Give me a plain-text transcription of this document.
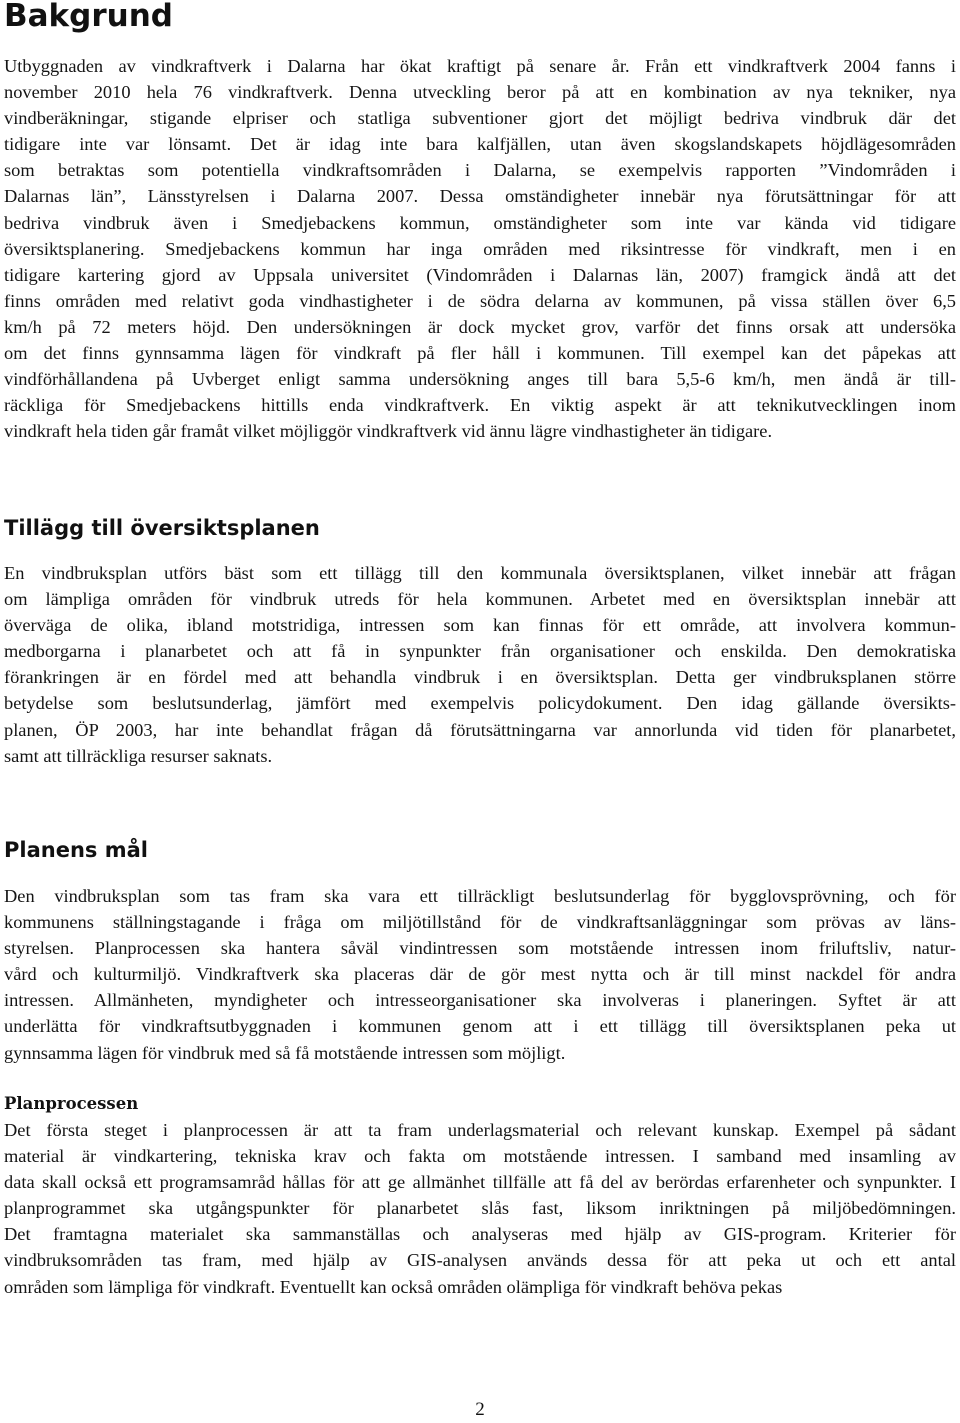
Bakgrund
Utbyggnaden av vindkraftverk i Dalarna har ökat kraftigt på senare år. Från ett vindkraftverk 2004 fanns i
november 2010 hela 76 vindkraftverk. Denna utveckling beror på att en kombination av nya tekniker, nya
vindberäkningar, stigande elpriser och statliga subventioner gjort det möjligt bedriva vindbruk där det
tidigare inte var lönsamt. Det är idag inte bara kalfjällen, utan även skogslandskapets höjdlägesområden
som betraktas som potentiella vindkraftsområden i Dalarna, se exempelvis rapporten ”Vindområden i
Dalarnas län”, Länsstyrelsen i Dalarna 2007. Dessa omständigheter innebär nya förutsättningar för att
bedriva vindbruk även i Smedjebackens kommun, omständigheter som inte var kända vid tidigare
översiktsplanering. Smedjebackens kommun har inga områden med riksintresse för vindkraft, men i en
tidigare kartering gjord av Uppsala universitet (Vindområden i Dalarnas län, 2007) framgick ändå att det
finns områden med relativt goda vindhastigheter i de södra delarna av kommunen, på vissa ställen över 6,5
km/h på 72 meters höjd. Den undersökningen är dock mycket grov, varför det finns orsak att undersöka
om det finns gynnsamma lägen för vindkraft på fler håll i kommunen. Till exempel kan det påpekas att
vindförhållandena på Uvberget enligt samma undersökning anges till bara 5,5-6 km/h, men ändå är till-
räckliga för Smedjebackens hittills enda vindkraftverk. En viktig aspekt är att teknikutvecklingen inom
vindkraft hela tiden går framåt vilket möjliggör vindkraftverk vid ännu lägre vindhastigheter än tidigare.
Tillägg till översiktsplanen
En vindbruksplan utförs bäst som ett tillägg till den kommunala översiktsplanen, vilket innebär att frågan
om lämpliga områden för vindbruk utreds för hela kommunen. Arbetet med en översiktsplan innebär att
överväga de olika, ibland motstridiga, intressen som kan finnas för ett område, att involvera kommun-
medborgarna i planarbetet och att få in synpunkter från organisationer och enskilda. Den demokratiska
förankringen är en fördel med att behandla vindbruk i en översiktsplan. Detta ger vindbruksplanen större
betydelse som beslutsunderlag, jämfört med exempelvis policydokument. Den idag gällande översikts-
planen, ÖP 2003, har inte behandlat frågan då förutsättningarna var annorlunda vid tiden för planarbetet,
samt att tillräckliga resurser saknats.
Planens mål
Den vindbruksplan som tas fram ska vara ett tillräckligt beslutsunderlag för bygglovsprövning, och för
kommunens ställningstagande i fråga om miljötillstånd för de vindkraftsanläggningar som prövas av läns-
styrelsen. Planprocessen ska hantera såväl vindintressen som motstående intressen inom friluftsliv, natur-
vård och kulturmiljö. Vindkraftverk ska placeras där de gör mest nytta och är till minst nackdel för andra
intressen. Allmänheten, myndigheter och intresseorganisationer ska involveras i planeringen. Syftet är att
underlätta för vindkraftsutbyggnaden i kommunen genom att i ett tillägg till översiktsplanen peka ut
gynnsamma lägen för vindbruk med så få motstående intressen som möjligt.
Planprocessen
Det första steget i planprocessen är att ta fram underlagsmaterial och relevant kunskap. Exempel på sådant
material är vindkartering, tekniska krav och fakta om motstående intressen. I samband med insamling av
data skall också ett programsamråd hållas för att ge allmänhet tillfälle att få del av berördas erfarenheter och synpunkter. I
planprogrammet ska utgångspunkter för planarbetet slås fast, liksom inriktningen på miljöbedömningen.
Det framtagna materialet ska sammanställas och analyseras med hjälp av GIS-program. Kriterier för
vindbruksområden tas fram, med hjälp av GIS-analysen används dessa för att peka ut och ett antal
områden som lämpliga för vindkraft. Eventuellt kan också områden olämpliga för vindkraft behöva pekas
2
